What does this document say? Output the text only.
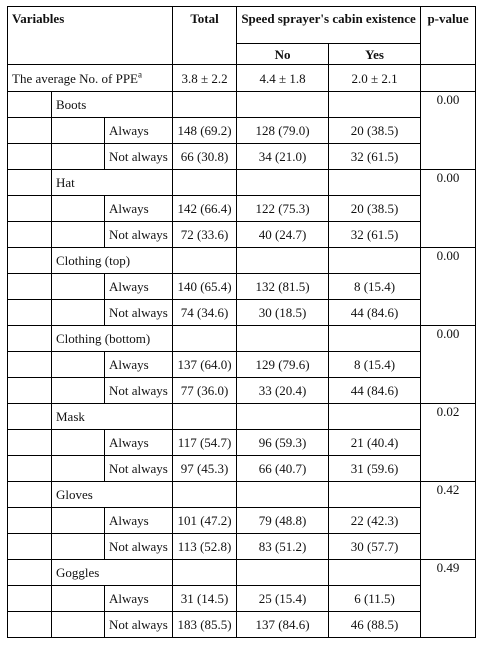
Variables			Total	Speed sprayer's cabin existence		p-value
				No	Yes	
The average No. of PPE$^a$			3.8 ± 2.2	4.4 ± 1.8	2.0 ± 2.1	
	Boots					0.00
		Always	148 (69.2)	128 (79.0)	20 (38.5)	
		Not always	66 (30.8)	34 (21.0)	32 (61.5)	
	Hat					0.00
		Always	142 (66.4)	122 (75.3)	20 (38.5)	
		Not always	72 (33.6)	40 (24.7)	32 (61.5)	
	Clothing (top)					0.00
		Always	140 (65.4)	132 (81.5)	8 (15.4)	
		Not always	74 (34.6)	30 (18.5)	44 (84.6)	
	Clothing (bottom)					0.00
		Always	137 (64.0)	129 (79.6)	8 (15.4)	
		Not always	77 (36.0)	33 (20.4)	44 (84.6)	
	Mask					0.02
		Always	117 (54.7)	96 (59.3)	21 (40.4)	
		Not always	97 (45.3)	66 (40.7)	31 (59.6)	
	Gloves					0.42
		Always	101 (47.2)	79 (48.8)	22 (42.3)	
		Not always	113 (52.8)	83 (51.2)	30 (57.7)	
	Goggles					0.49
		Always	31 (14.5)	25 (15.4)	6 (11.5)	
		Not always	183 (85.5)	137 (84.6)	46 (88.5)	
